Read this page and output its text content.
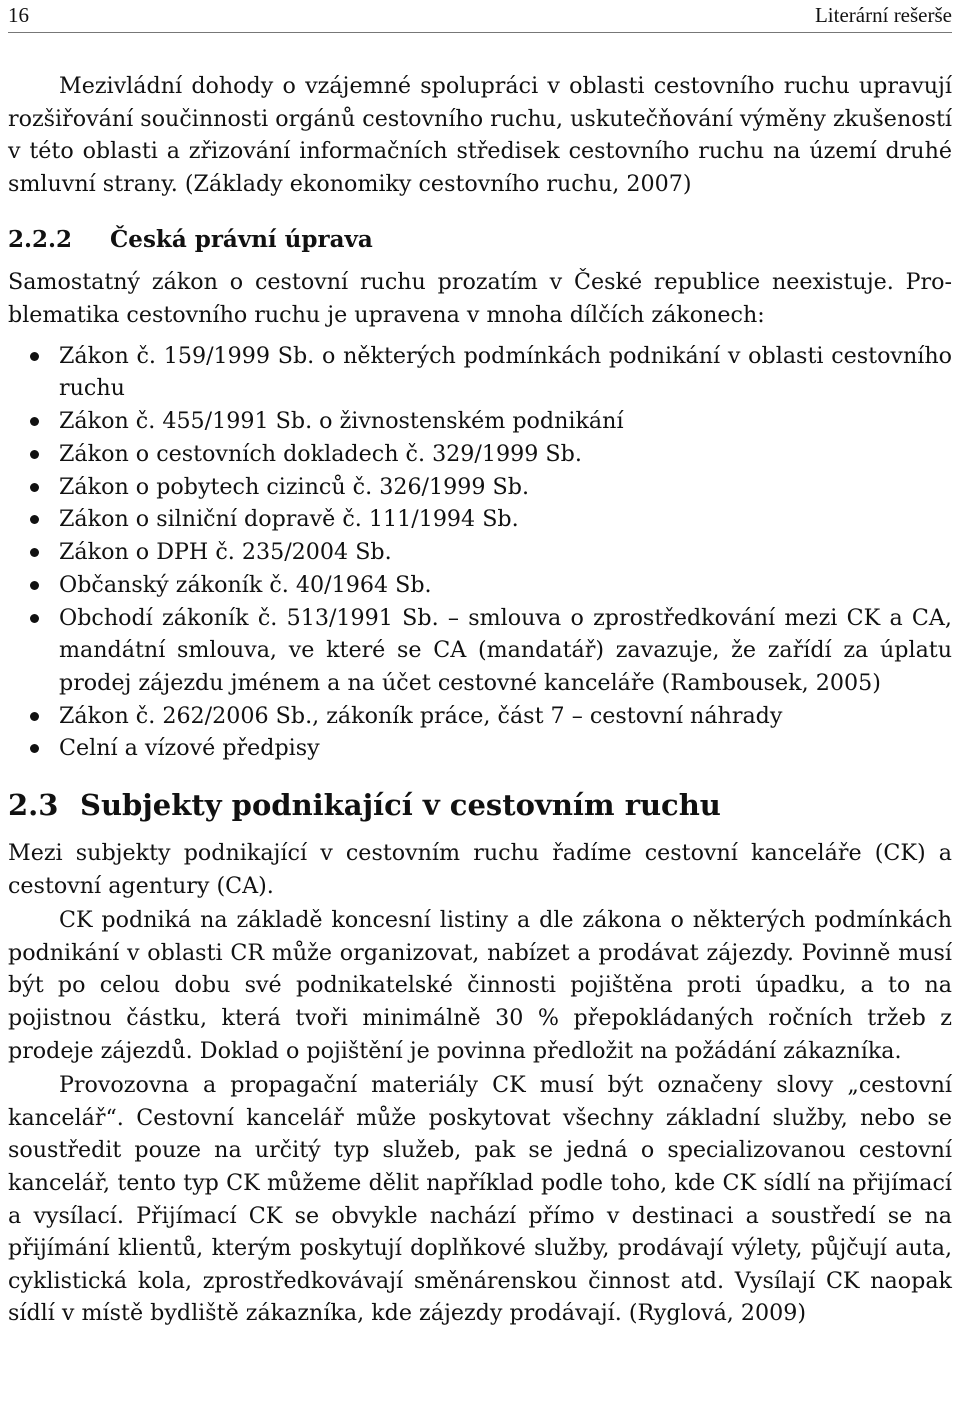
16	Literární rešerše

Mezivládní dohody o vzájemné spolupráci v oblasti cestovního ruchu upravují rozšiřování součinnosti orgánů cestovního ruchu, uskutečňování výměny zkušeností v této oblasti a zřizování informačních středisek cestovního ruchu na území druhé smluvní strany. (Základy ekonomiky cestovního ruchu, 2007)

2.2.2 Česká právní úprava

Samostatný zákon o cestovní ruchu prozatím v České republice neexistuje. Problematika cestovního ruchu je upravena v mnoha dílčích zákonech:

Zákon č. 159/1999 Sb. o některých podmínkách podnikání v oblasti cestovního ruchu
Zákon č. 455/1991 Sb. o živnostenském podnikání
Zákon o cestovních dokladech č. 329/1999 Sb.
Zákon o pobytech cizinců č. 326/1999 Sb.
Zákon o silniční dopravě č. 111/1994 Sb.
Zákon o DPH č. 235/2004 Sb.
Občanský zákoník č. 40/1964 Sb.
Obchodí zákoník č. 513/1991 Sb. – smlouva o zprostředkování mezi CK a CA, mandátní smlouva, ve které se CA (mandatář) zavazuje, že zařídí za úplatu prodej zájezdu jménem a na účet cestovné kanceláře (Rambousek, 2005)
Zákon č. 262/2006 Sb., zákoník práce, část 7 – cestovní náhrady
Celní a vízové předpisy
2.3 Subjekty podnikající v cestovním ruchu

Mezi subjekty podnikající v cestovním ruchu řadíme cestovní kanceláře (CK) a cestovní agentury (CA).

CK podniká na základě koncesní listiny a dle zákona o některých podmínkách podnikání v oblasti CR může organizovat, nabízet a prodávat zájezdy. Povinně musí být po celou dobu své podnikatelské činnosti pojištěna proti úpadku, a to na pojistnou částku, která tvoři minimálně 30 % přepokládaných ročních tržeb z prodeje zájezdů. Doklad o pojištění je povinna předložit na požádání zákazníka.

Provozovna a propagační materiály CK musí být označeny slovy „cestovní kancelář“. Cestovní kancelář může poskytovat všechny základní služby, nebo se soustředit pouze na určitý typ služeb, pak se jedná o specializovanou cestovní kancelář, tento typ CK můžeme dělit například podle toho, kde CK sídlí na přijímací a vysílací. Přijímací CK se obvykle nachází přímo v destinaci a soustředí se na přijímání klientů, kterým poskytují doplňkové služby, prodávají výlety, půjčují auta, cyklistická kola, zprostředkovávají směnárenskou činnost atd. Vysílají CK naopak sídlí v místě bydliště zákazníka, kde zájezdy prodávají. (Ryglová, 2009)
